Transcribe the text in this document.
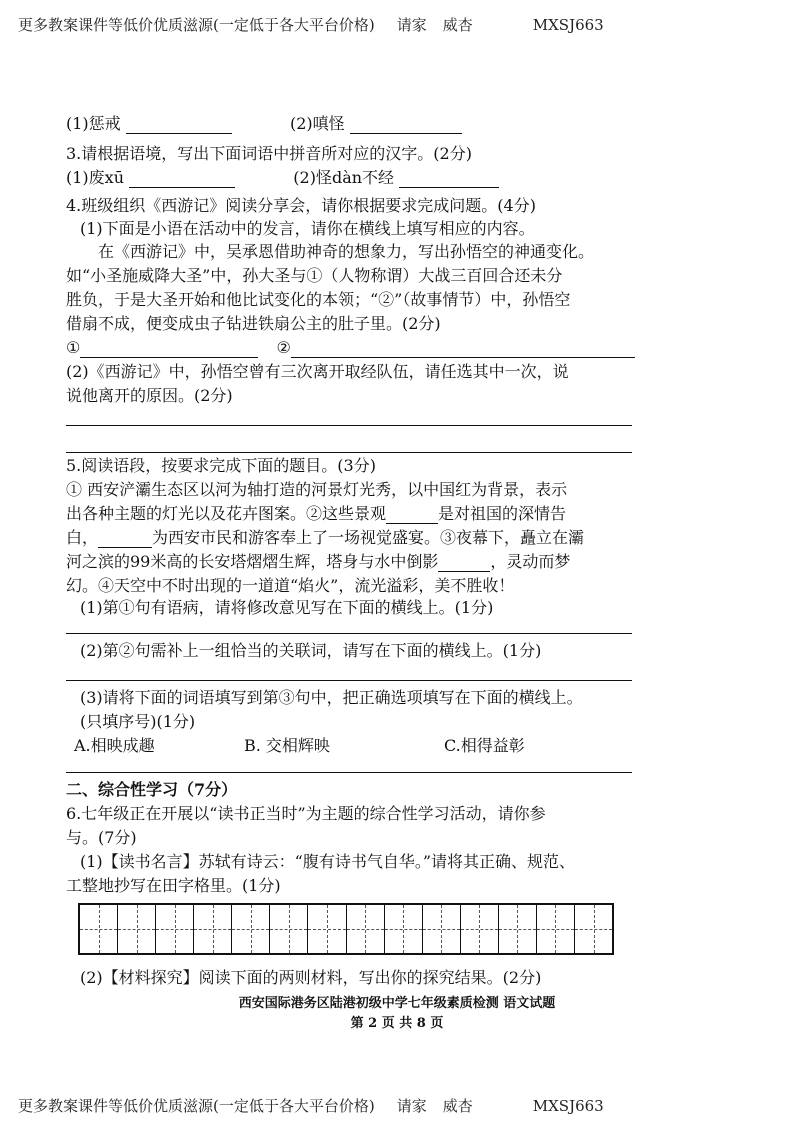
更多教案课件等低价优质滋源(一定低于各大平台价格) 请家 威杏	MXSJ663
(1)惩戒	(2)嗔怪
3.请根据语境，写出下面词语中拼音所对应的汉字。(2分)
(1)废xū	(2)怪dàn不经
4.班级组织《西游记》阅读分享会，请你根据要求完成问题。(4分)
(1)下面是小语在活动中的发言，请你在横线上填写相应的内容。
在《西游记》中，吴承恩借助神奇的想象力，写出孙悟空的神通变化。
如“小圣施威降大圣”中，孙大圣与①（人物称谓）大战三百回合还未分
胜负，于是大圣开始和他比试变化的本领；“②”（故事情节）中，孙悟空
借扇不成，便变成虫子钻进铁扇公主的肚子里。(2分)
①	②
(2)《西游记》中，孙悟空曾有三次离开取经队伍，请任选其中一次，说
说他离开的原因。(2分)
5.阅读语段，按要求完成下面的题目。(3分)
① 西安浐灞生态区以河为轴打造的河景灯光秀，以中国红为背景，表示
出各种主题的灯光以及花卉图案。②这些景观	是对祖国的深情告
白，	为西安市民和游客奉上了一场视觉盛宴。③夜幕下，矗立在灞
河之滨的99米高的长安塔熠熠生辉，塔身与水中倒影	，灵动而梦
幻。④天空中不时出现的一道道“焰火”，流光溢彩，美不胜收！
(1)第①句有语病，请将修改意见写在下面的横线上。(1分)
(2)第②句需补上一组恰当的关联词，请写在下面的横线上。(1分)
(3)请将下面的词语填写到第③句中，把正确选项填写在下面的横线上。
(只填序号)(1分)
A.相映成趣	B. 交相辉映	C.相得益彰
二、综合性学习（7分）
6.七年级正在开展以“读书正当时”为主题的综合性学习活动，请你参
与。(7分)
(1)【读书名言】苏轼有诗云：“腹有诗书气自华。”请将其正确、规范、
工整地抄写在田字格里。(1分)
(2)【材料探究】阅读下面的两则材料，写出你的探究结果。(2分)
西安国际港务区陆港初级中学七年级素质检测 语文试题
第 2 页 共 8 页
更多教案课件等低价优质滋源(一定低于各大平台价格) 请家 威杏	MXSJ663
